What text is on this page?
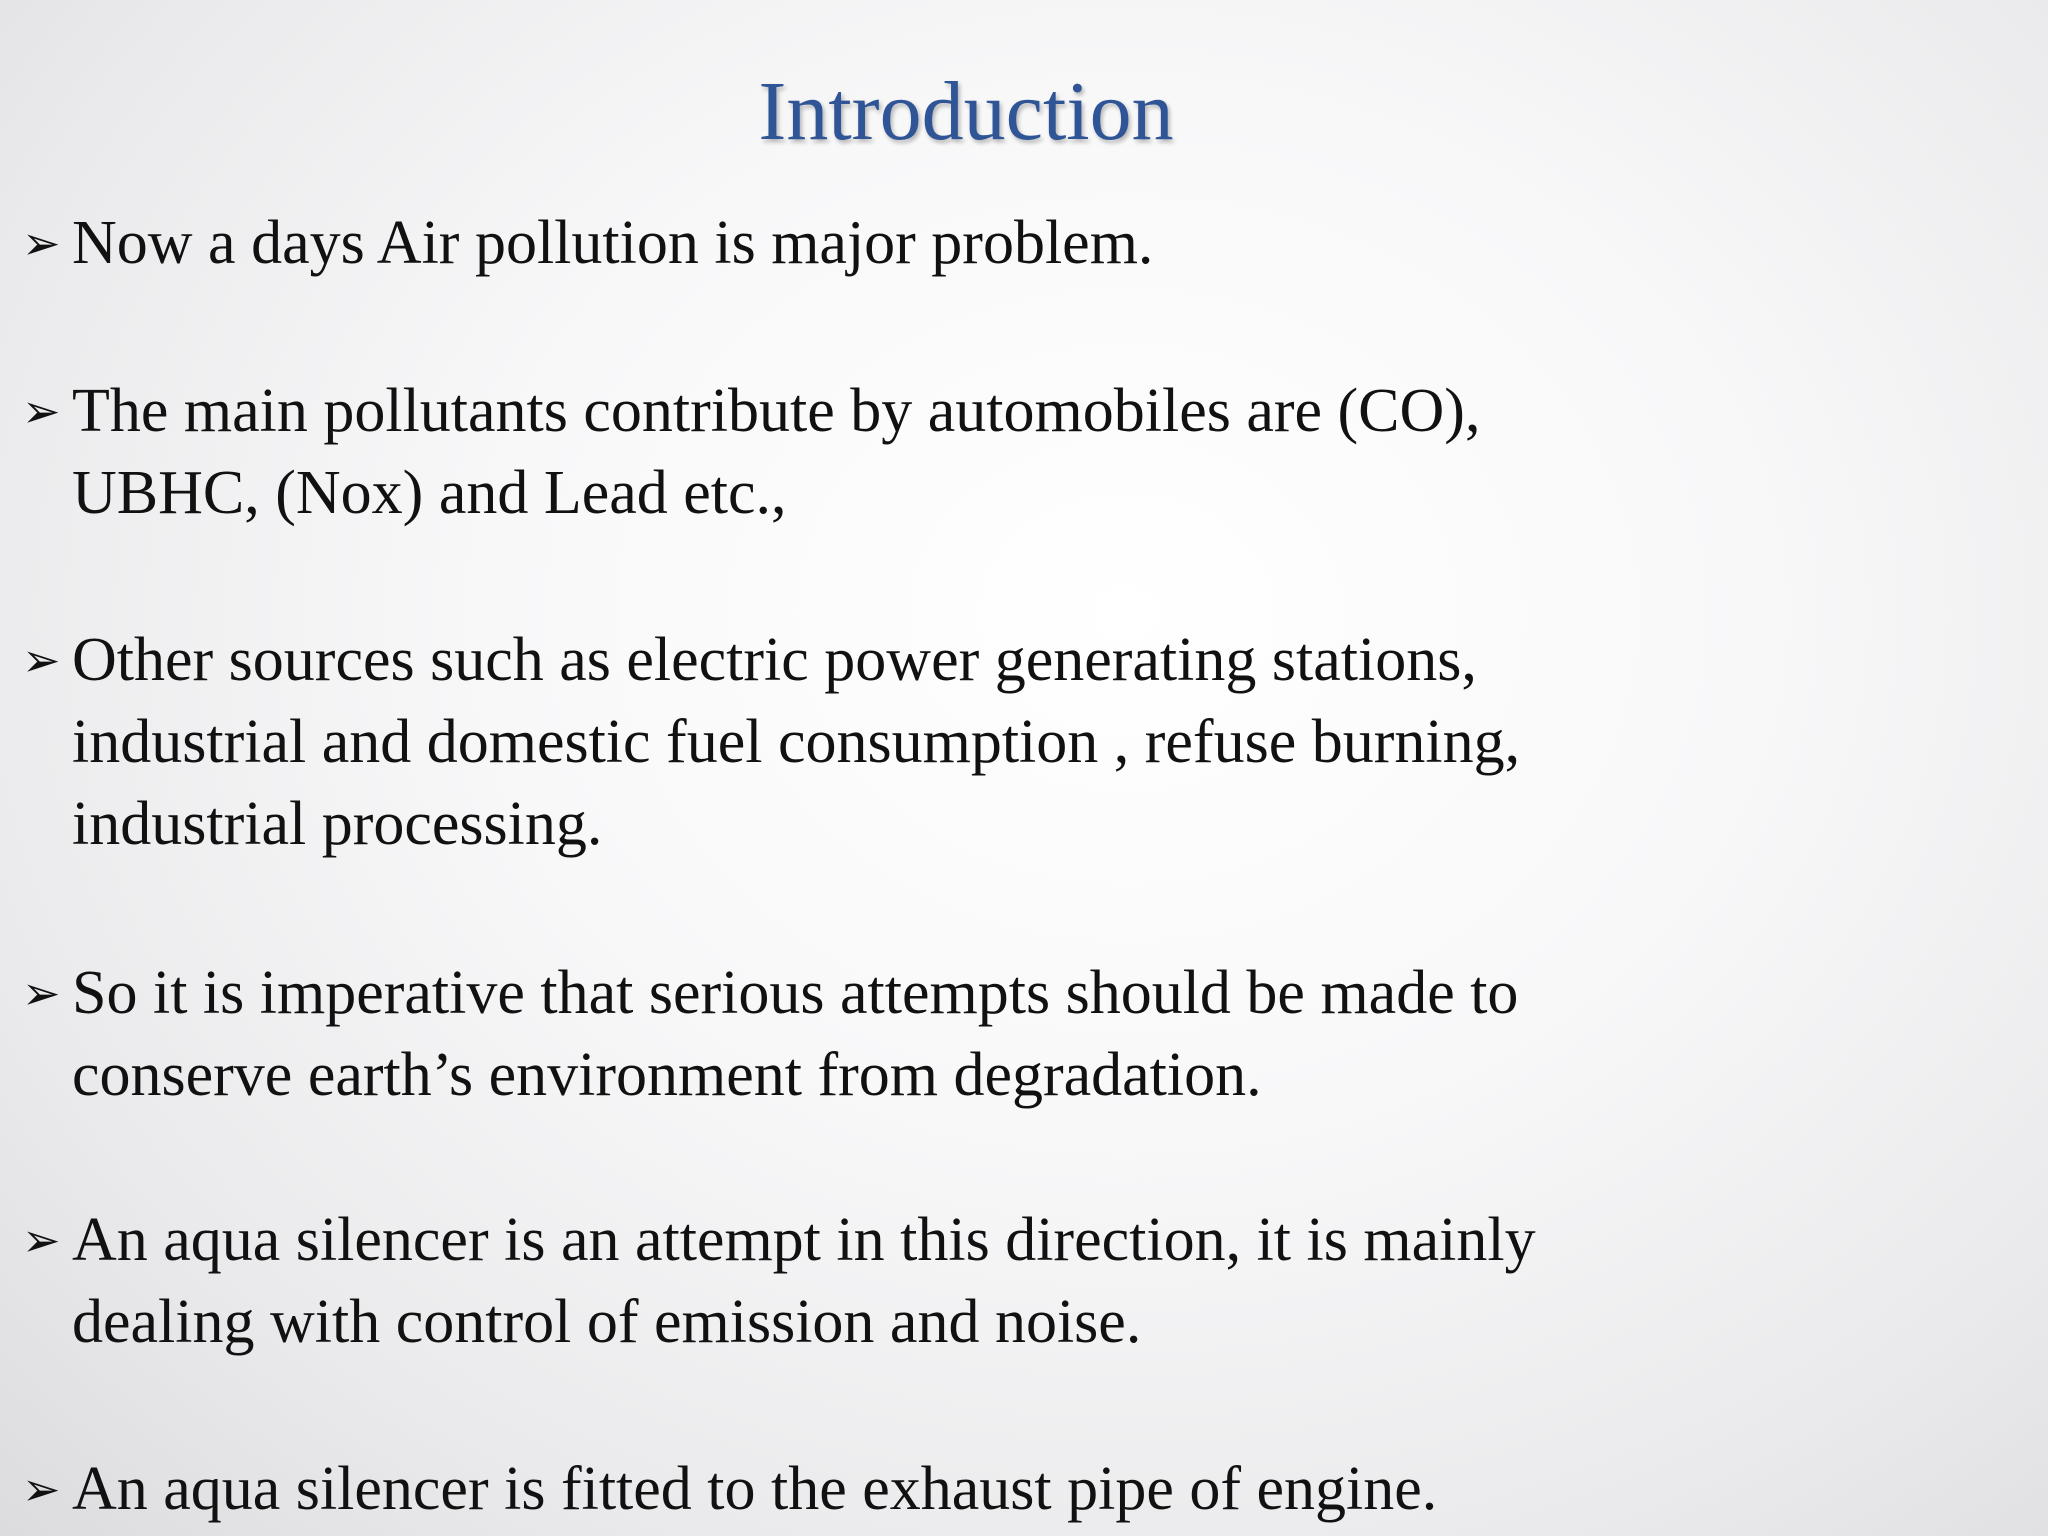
Introduction
➢ Now a days Air pollution is major problem.
➢ The main pollutants contribute by automobiles are (CO),
UBHC, (Nox) and Lead etc.,
➢ Other sources such as electric power generating stations,
industrial and domestic fuel consumption , refuse burning,
industrial processing.
➢ So it is imperative that serious attempts should be made to
conserve earth’s environment from degradation.
➢ An aqua silencer is an attempt in this direction, it is mainly
dealing with control of emission and noise.
➢ An aqua silencer is fitted to the exhaust pipe of engine.
